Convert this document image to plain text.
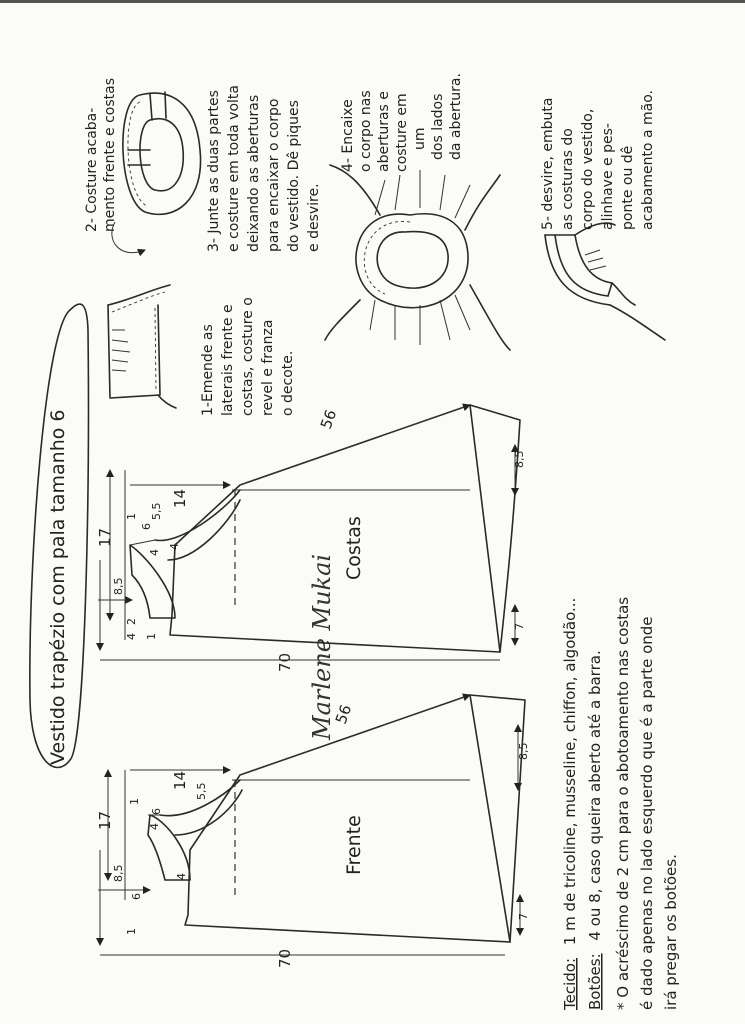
Vestido trapézio com pala tamanho 6	Marlene Mukai
1-Emende as laterais frente e costas, costure o revel e franza o decote.
2- Costure acaba- mento frente e costas	3- Junte as duas partes e costure em toda volta deixando as aberturas para encaixar o corpo do vestido. Dê piques e desvire.
4- Encaixe o corpo nas aberturas e costure em um dos lados da abertura.	5- desvire, embuta as costuras do corpo do vestido, alinhave e pes- ponte ou dê acabamento a mão.
17
8,5
14
4
5,5
6
4
1
2
4 1
56
70
8,5
7
Costas
17
8,5
14
1
4
5,5
6
4
6
1
56
70
8,5
7
Frente
Tecido: 1 m de tricoline, musseline, chiffon, algodão...
Botões: 4 ou 8, caso queira aberto até a barra. * O acréscimo de 2 cm para o abotoamento nas costas é dado apenas no lado esquerdo que é a parte onde irá pregar os botões.
